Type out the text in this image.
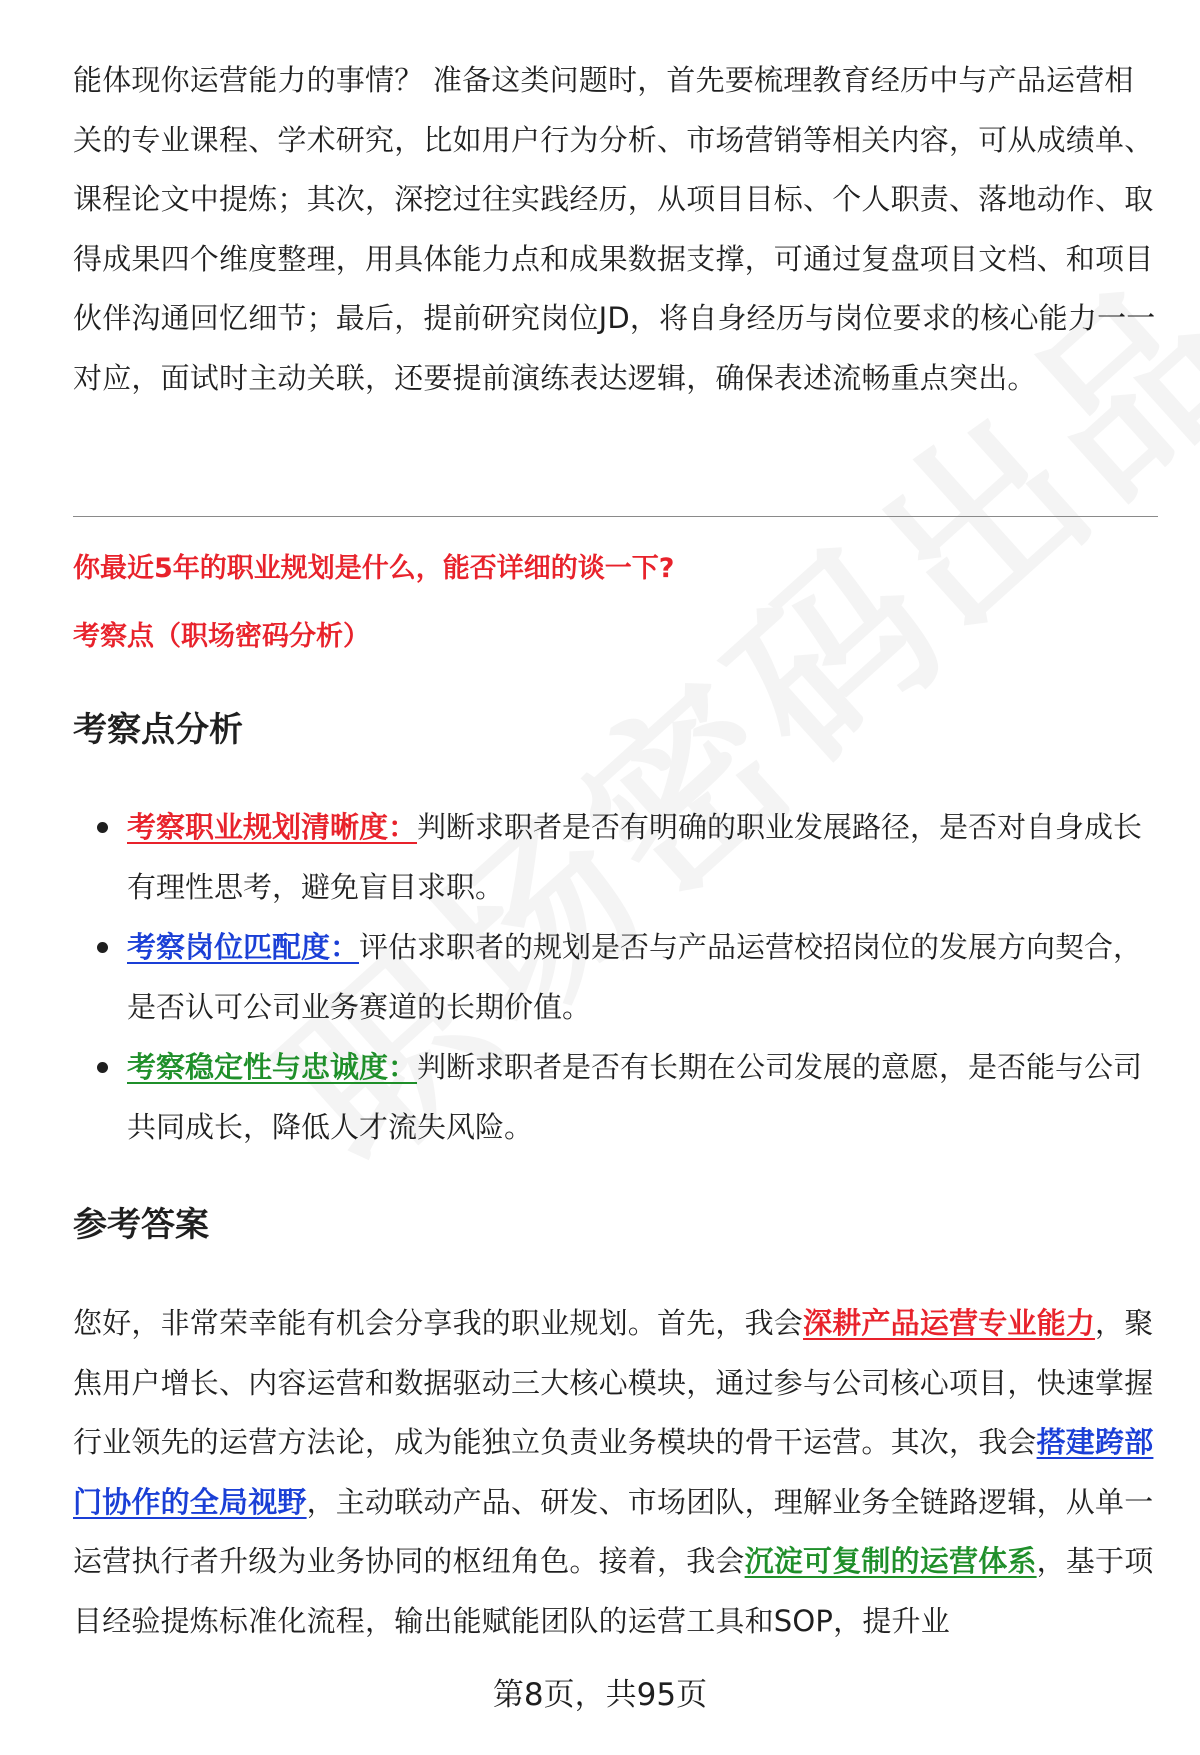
能体现你运营能力的事情？ 准备这类问题时，首先要梳理教育经历中与产品运营相关的专业课程、学术研究，比如用户行为分析、市场营销等相关内容，可从成绩单、课程论文中提炼；其次，深挖过往实践经历，从项目目标、个人职责、落地动作、取得成果四个维度整理，用具体能力点和成果数据支撑，可通过复盘项目文档、和项目伙伴沟通回忆细节；最后，提前研究岗位JD，将自身经历与岗位要求的核心能力一一对应，面试时主动关联，还要提前演练表达逻辑，确保表述流畅重点突出。

你最近5年的职业规划是什么，能否详细的谈一下?

考察点（职场密码分析）

考察点分析
考察职业规划清晰度：判断求职者是否有明确的职业发展路径，是否对自身成长有理性思考，避免盲目求职。
考察岗位匹配度：评估求职者的规划是否与产品运营校招岗位的发展方向契合，是否认可公司业务赛道的长期价值。
考察稳定性与忠诚度：判断求职者是否有长期在公司发展的意愿，是否能与公司共同成长，降低人才流失风险。
参考答案

您好，非常荣幸能有机会分享我的职业规划。首先，我会深耕产品运营专业能力，聚焦用户增长、内容运营和数据驱动三大核心模块，通过参与公司核心项目，快速掌握行业领先的运营方法论，成为能独立负责业务模块的骨干运营。其次，我会搭建跨部门协作的全局视野，主动联动产品、研发、市场团队，理解业务全链路逻辑，从单一运营执行者升级为业务协同的枢纽角色。接着，我会沉淀可复制的运营体系，基于项目经验提炼标准化流程，输出能赋能团队的运营工具和SOP，提升业

第8页，共95页
